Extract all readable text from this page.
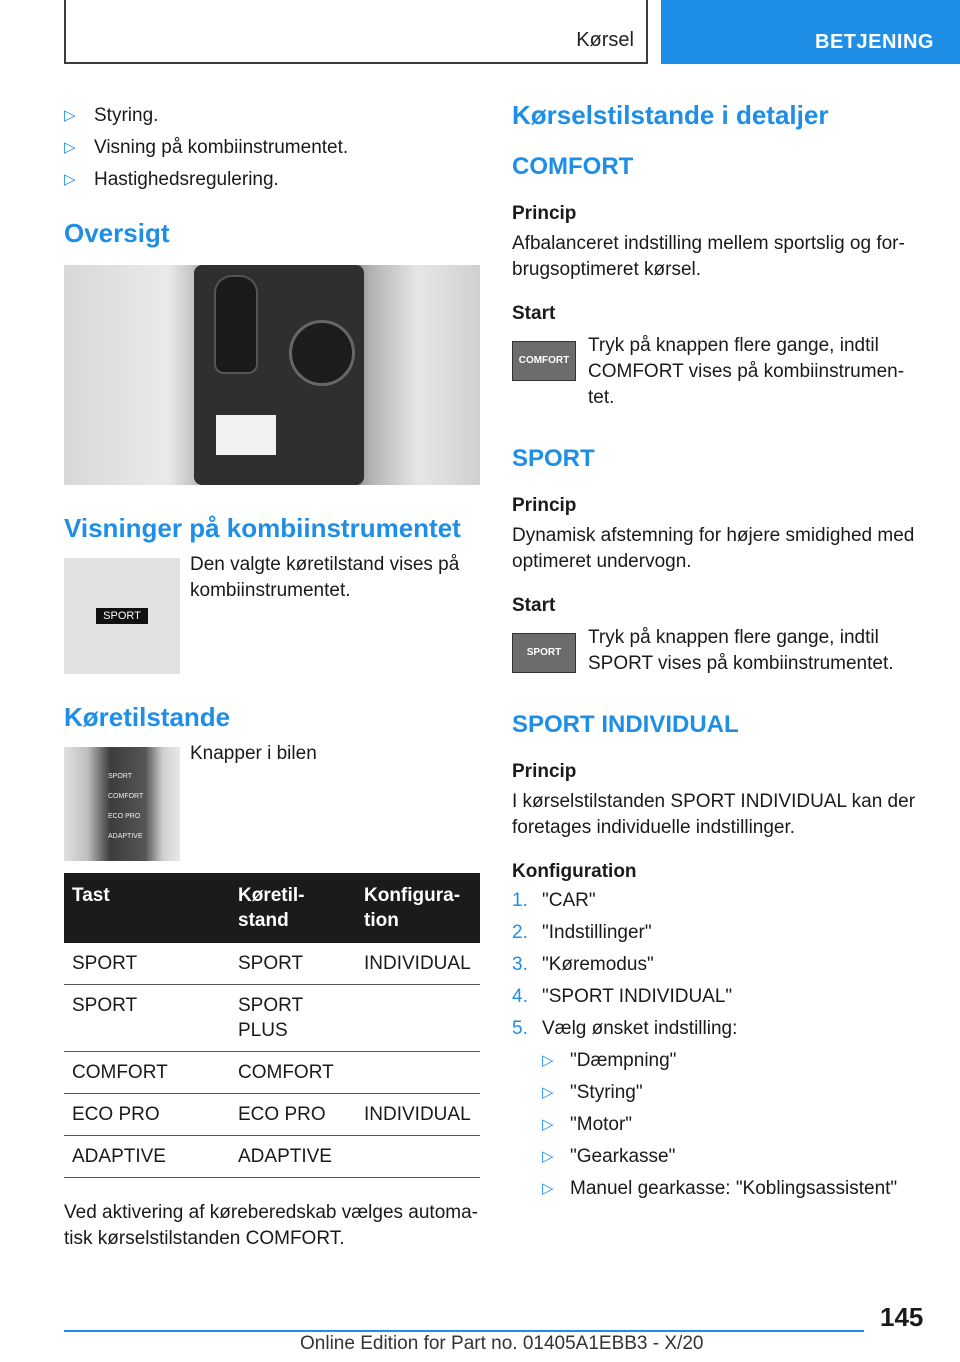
Kørsel	BETJENING
▷ Styring.
▷ Visning på kombiinstrumentet.
▷ Hastighedsregulering.
Oversigt
Visninger på kombiinstrumentet
SPORT

Den valgte køretilstand vises på kombiinstrumentet.

Køretilstande
SPORT
COMFORT
ECO PRO
ADAPTIVE

Knapper i bilen

Tast	Køretil-stand	Konfigura-tion
SPORT	SPORT	INDIVIDUAL
SPORT	SPORT PLUS	
COMFORT	COMFORT	
ECO PRO	ECO PRO	INDIVIDUAL
ADAPTIVE	ADAPTIVE	

Ved aktivering af køreberedskab vælges automa-tisk kørselstilstanden COMFORT.

Kørselstilstande i detaljer
COMFORT
Princip

Afbalanceret indstilling mellem sportslig og for-brugsoptimeret kørsel.

Start
COMFORT

Tryk på knappen flere gange, indtil COMFORT vises på kombiinstrumen-tet.

SPORT
Princip

Dynamisk afstemning for højere smidighed med optimeret undervogn.

Start
SPORT

Tryk på knappen flere gange, indtil SPORT vises på kombiinstrumentet.

SPORT INDIVIDUAL
Princip

I kørselstilstanden SPORT INDIVIDUAL kan der foretages individuelle indstillinger.

Konfiguration
1. "CAR"
2. "Indstillinger"
3. "Køremodus"
4. "SPORT INDIVIDUAL"
5. Vælg ønsket indstilling:
▷ "Dæmpning"
▷ "Styring"
▷ "Motor"
▷ "Gearkasse"
▷ Manuel gearkasse: "Koblingsassistent"
145
Online Edition for Part no. 01405A1EBB3 - X/20
